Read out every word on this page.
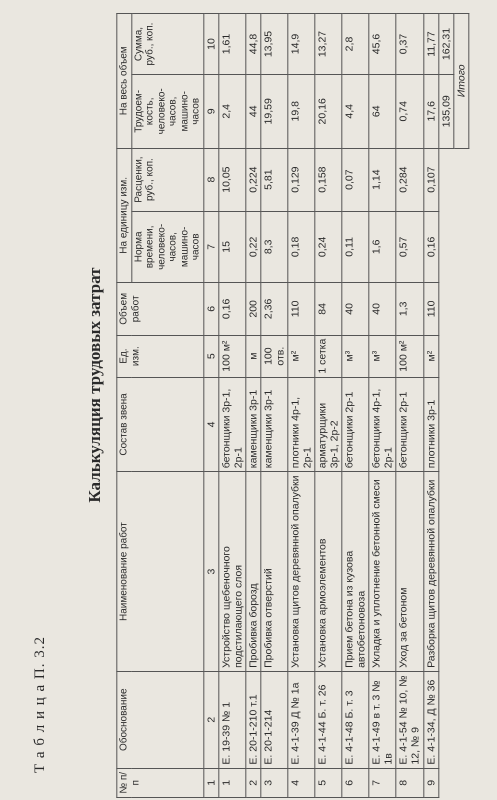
Т а б л и ц а П. 3.2
Калькуляция трудовых затрат
№ п/п	Обоснование	Наименование работ	Состав звена	Ед. изм.	Объем работ	На единицу изм.		На весь объем	
						Норма времени, человеко-часов, машино-часов	Расценки, руб., коп.	Трудоем-кость, человеко-часов, машино-часов	Сумма, руб., коп.
1	2	3	4	5	6	7	8	9	10
1	Е. 19-39 № 1	Устройство щебеночного подстилающего слоя	бетонщики 3р-1, 2р-1	100 м²	0,16	15	10,05	2,4	1,61
2	Е. 20-1-210 т.1	Пробивка борозд	каменщики 3р-1	м	200	0,22	0,224	44	44,8
3	Е. 20-1-214	Пробивка отверстий	каменщики 3р-1	100 отв.	2,36	8,3	5,81	19,59	13,95
4	Е. 4-1-39 Д № 1а	Установка щитов деревянной опалубки	плотники 4р-1, 2р-1	м²	110	0,18	0,129	19,8	14,9
5	Е. 4-1-44 Б. т. 26	Установка армоэлементов	арматурщики 3р-1, 2р-2	1 сетка	84	0,24	0,158	20,16	13,27
6	Е. 4-1-48 Б. т. 3	Прием бетона из кузова автобетоновоза	бетонщики 2р-1	м³	40	0,11	0,07	4,4	2,8
7	Е. 4-1-49 в т. 3 № 1в	Укладка и уплотнение бетонной смеси	бетонщики 4р-1, 2р-1	м³	40	1,6	1,14	64	45,6
8	Е. 4-1-54 № 10, № 12, № 9	Уход за бетоном	бетонщики 2р-1	100 м²	1,3	0,57	0,284	0,74	0,37
9	Е. 4-1-34, Д № 36	Разборка щитов деревянной опалубки	плотники 3р-1	м²	110	0,16	0,107	17,6	11,77
								135,09	162,31
								Итого	
